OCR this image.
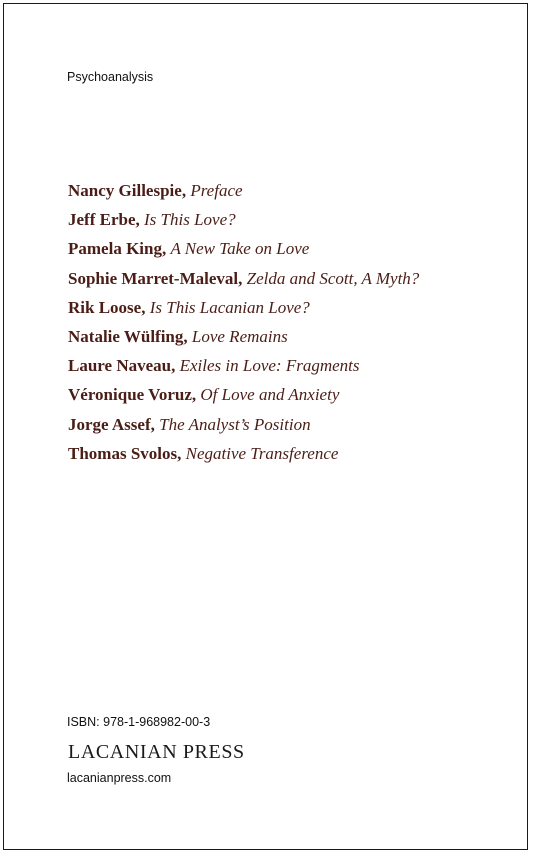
Psychoanalysis

Nancy Gillespie, Preface
Jeff Erbe, Is This Love?
Pamela King, A New Take on Love
Sophie Marret-Maleval, Zelda and Scott, A Myth?
Rik Loose, Is This Lacanian Love?
Natalie Wülfing, Love Remains
Laure Naveau, Exiles in Love: Fragments
Véronique Voruz, Of Love and Anxiety
Jorge Assef, The Analyst’s Position
Thomas Svolos, Negative Transference

ISBN: 978-1-968982-00-3

LACANIAN PRESS

lacanianpress.com
